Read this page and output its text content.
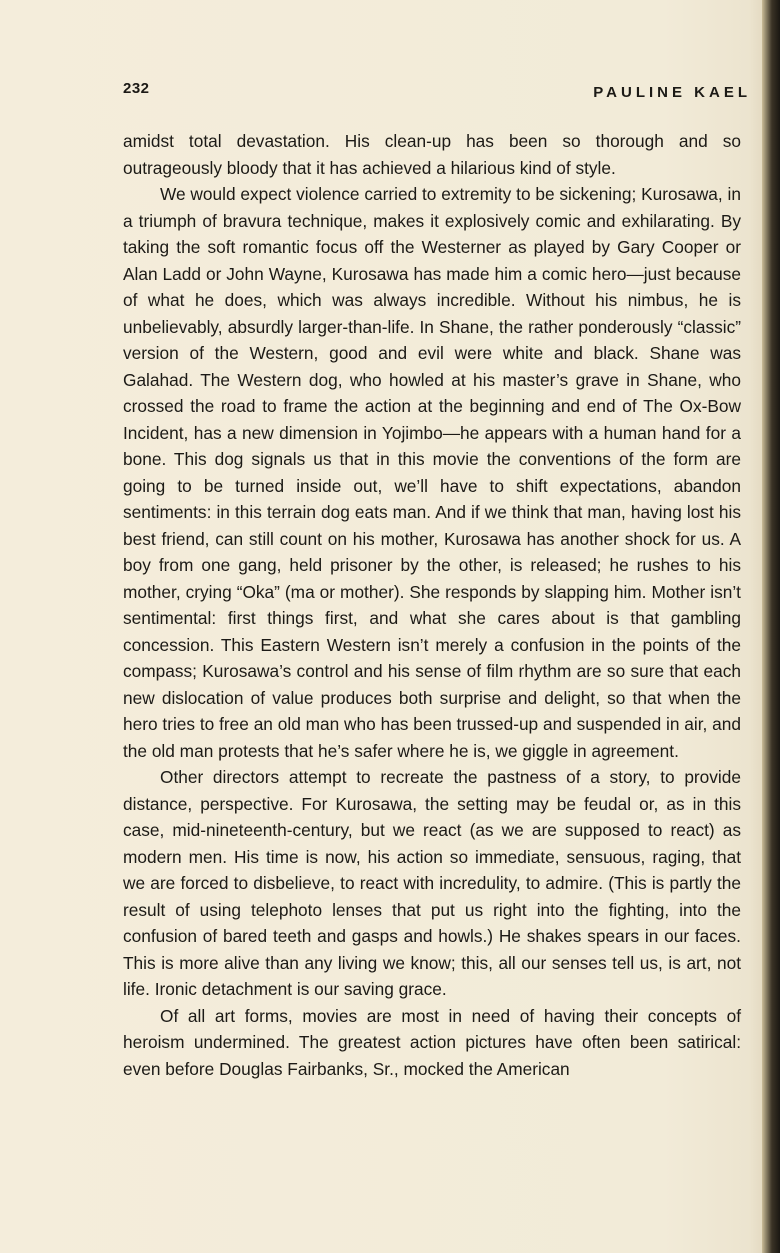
232	PAULINE KAEL

amidst total devastation. His clean-up has been so thorough and so outrageously bloody that it has achieved a hilarious kind of style.

We would expect violence carried to extremity to be sickening; Kurosawa, in a triumph of bravura technique, makes it explosively comic and exhilarating. By taking the soft romantic focus off the Westerner as played by Gary Cooper or Alan Ladd or John Wayne, Kurosawa has made him a comic hero—just because of what he does, which was always incredible. Without his nimbus, he is unbelievably, absurdly larger-than-life. In Shane, the rather ponderously “classic” version of the Western, good and evil were white and black. Shane was Galahad. The Western dog, who howled at his master’s grave in Shane, who crossed the road to frame the action at the beginning and end of The Ox-Bow Incident, has a new dimension in Yojimbo—he appears with a human hand for a bone. This dog signals us that in this movie the conventions of the form are going to be turned inside out, we’ll have to shift expectations, abandon sentiments: in this terrain dog eats man. And if we think that man, having lost his best friend, can still count on his mother, Kurosawa has another shock for us. A boy from one gang, held prisoner by the other, is released; he rushes to his mother, crying “Oka” (ma or mother). She responds by slapping him. Mother isn’t sentimental: first things first, and what she cares about is that gambling concession. This Eastern Western isn’t merely a confusion in the points of the compass; Kurosawa’s control and his sense of film rhythm are so sure that each new dislocation of value produces both surprise and delight, so that when the hero tries to free an old man who has been trussed-up and suspended in air, and the old man protests that he’s safer where he is, we giggle in agreement.

Other directors attempt to recreate the pastness of a story, to provide distance, perspective. For Kurosawa, the setting may be feudal or, as in this case, mid-nineteenth-century, but we react (as we are supposed to react) as modern men. His time is now, his action so immediate, sensuous, raging, that we are forced to disbelieve, to react with incredulity, to admire. (This is partly the result of using telephoto lenses that put us right into the fighting, into the confusion of bared teeth and gasps and howls.) He shakes spears in our faces. This is more alive than any living we know; this, all our senses tell us, is art, not life. Ironic detachment is our saving grace.

Of all art forms, movies are most in need of having their concepts of heroism undermined. The greatest action pictures have often been satirical: even before Douglas Fairbanks, Sr., mocked the American
